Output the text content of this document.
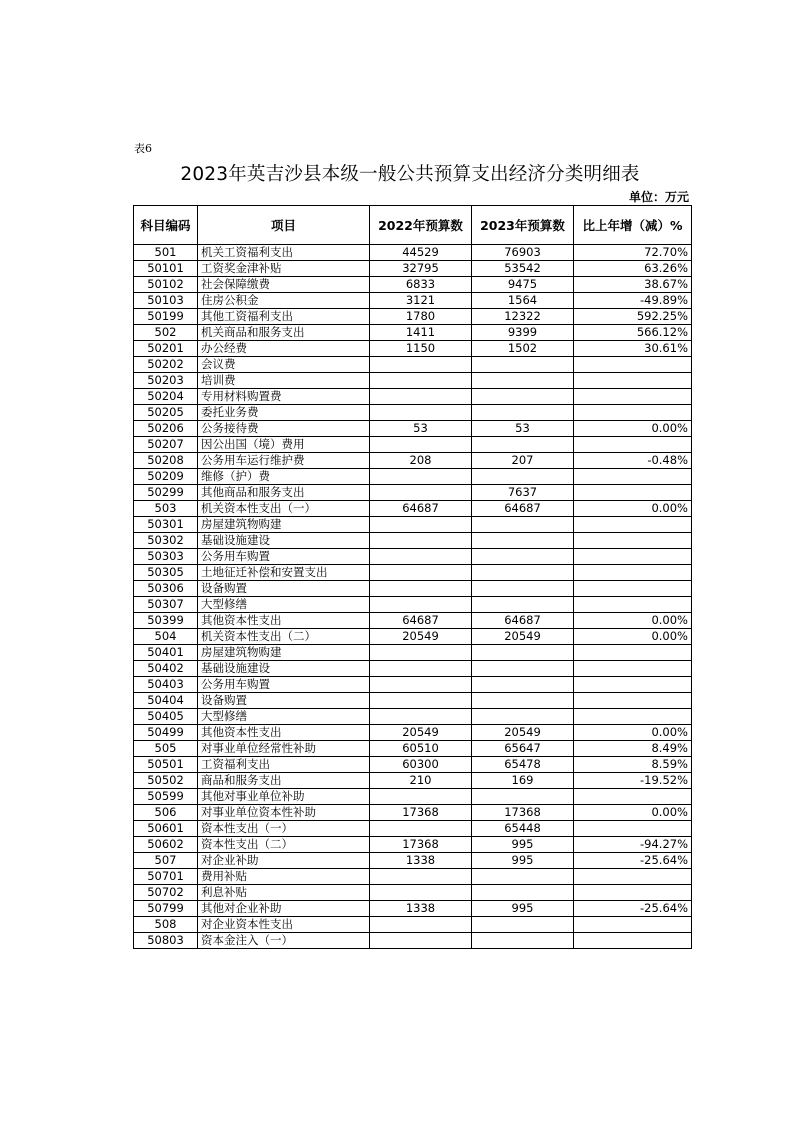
表6
2023年英吉沙县本级一般公共预算支出经济分类明细表
单位：万元
科目编码	项目	2022年预算数	2023年预算数	比上年增（减）%
501	机关工资福利支出	44529	76903	72.70%
50101	工资奖金津补贴	32795	53542	63.26%
50102	社会保障缴费	6833	9475	38.67%
50103	住房公积金	3121	1564	-49.89%
50199	其他工资福利支出	1780	12322	592.25%
502	机关商品和服务支出	1411	9399	566.12%
50201	办公经费	1150	1502	30.61%
50202	会议费			
50203	培训费			
50204	专用材料购置费			
50205	委托业务费			
50206	公务接待费	53	53	0.00%
50207	因公出国（境）费用			
50208	公务用车运行维护费	208	207	-0.48%
50209	维修（护）费			
50299	其他商品和服务支出		7637	
503	机关资本性支出（一）	64687	64687	0.00%
50301	房屋建筑物购建			
50302	基础设施建设			
50303	公务用车购置			
50305	土地征迁补偿和安置支出			
50306	设备购置			
50307	大型修缮			
50399	其他资本性支出	64687	64687	0.00%
504	机关资本性支出（二）	20549	20549	0.00%
50401	房屋建筑物购建			
50402	基础设施建设			
50403	公务用车购置			
50404	设备购置			
50405	大型修缮			
50499	其他资本性支出	20549	20549	0.00%
505	对事业单位经常性补助	60510	65647	8.49%
50501	工资福利支出	60300	65478	8.59%
50502	商品和服务支出	210	169	-19.52%
50599	其他对事业单位补助			
506	对事业单位资本性补助	17368	17368	0.00%
50601	资本性支出（一）		65448	
50602	资本性支出（二）	17368	995	-94.27%
507	对企业补助	1338	995	-25.64%
50701	费用补贴			
50702	利息补贴			
50799	其他对企业补助	1338	995	-25.64%
508	对企业资本性支出			
50803	资本金注入（一）			
